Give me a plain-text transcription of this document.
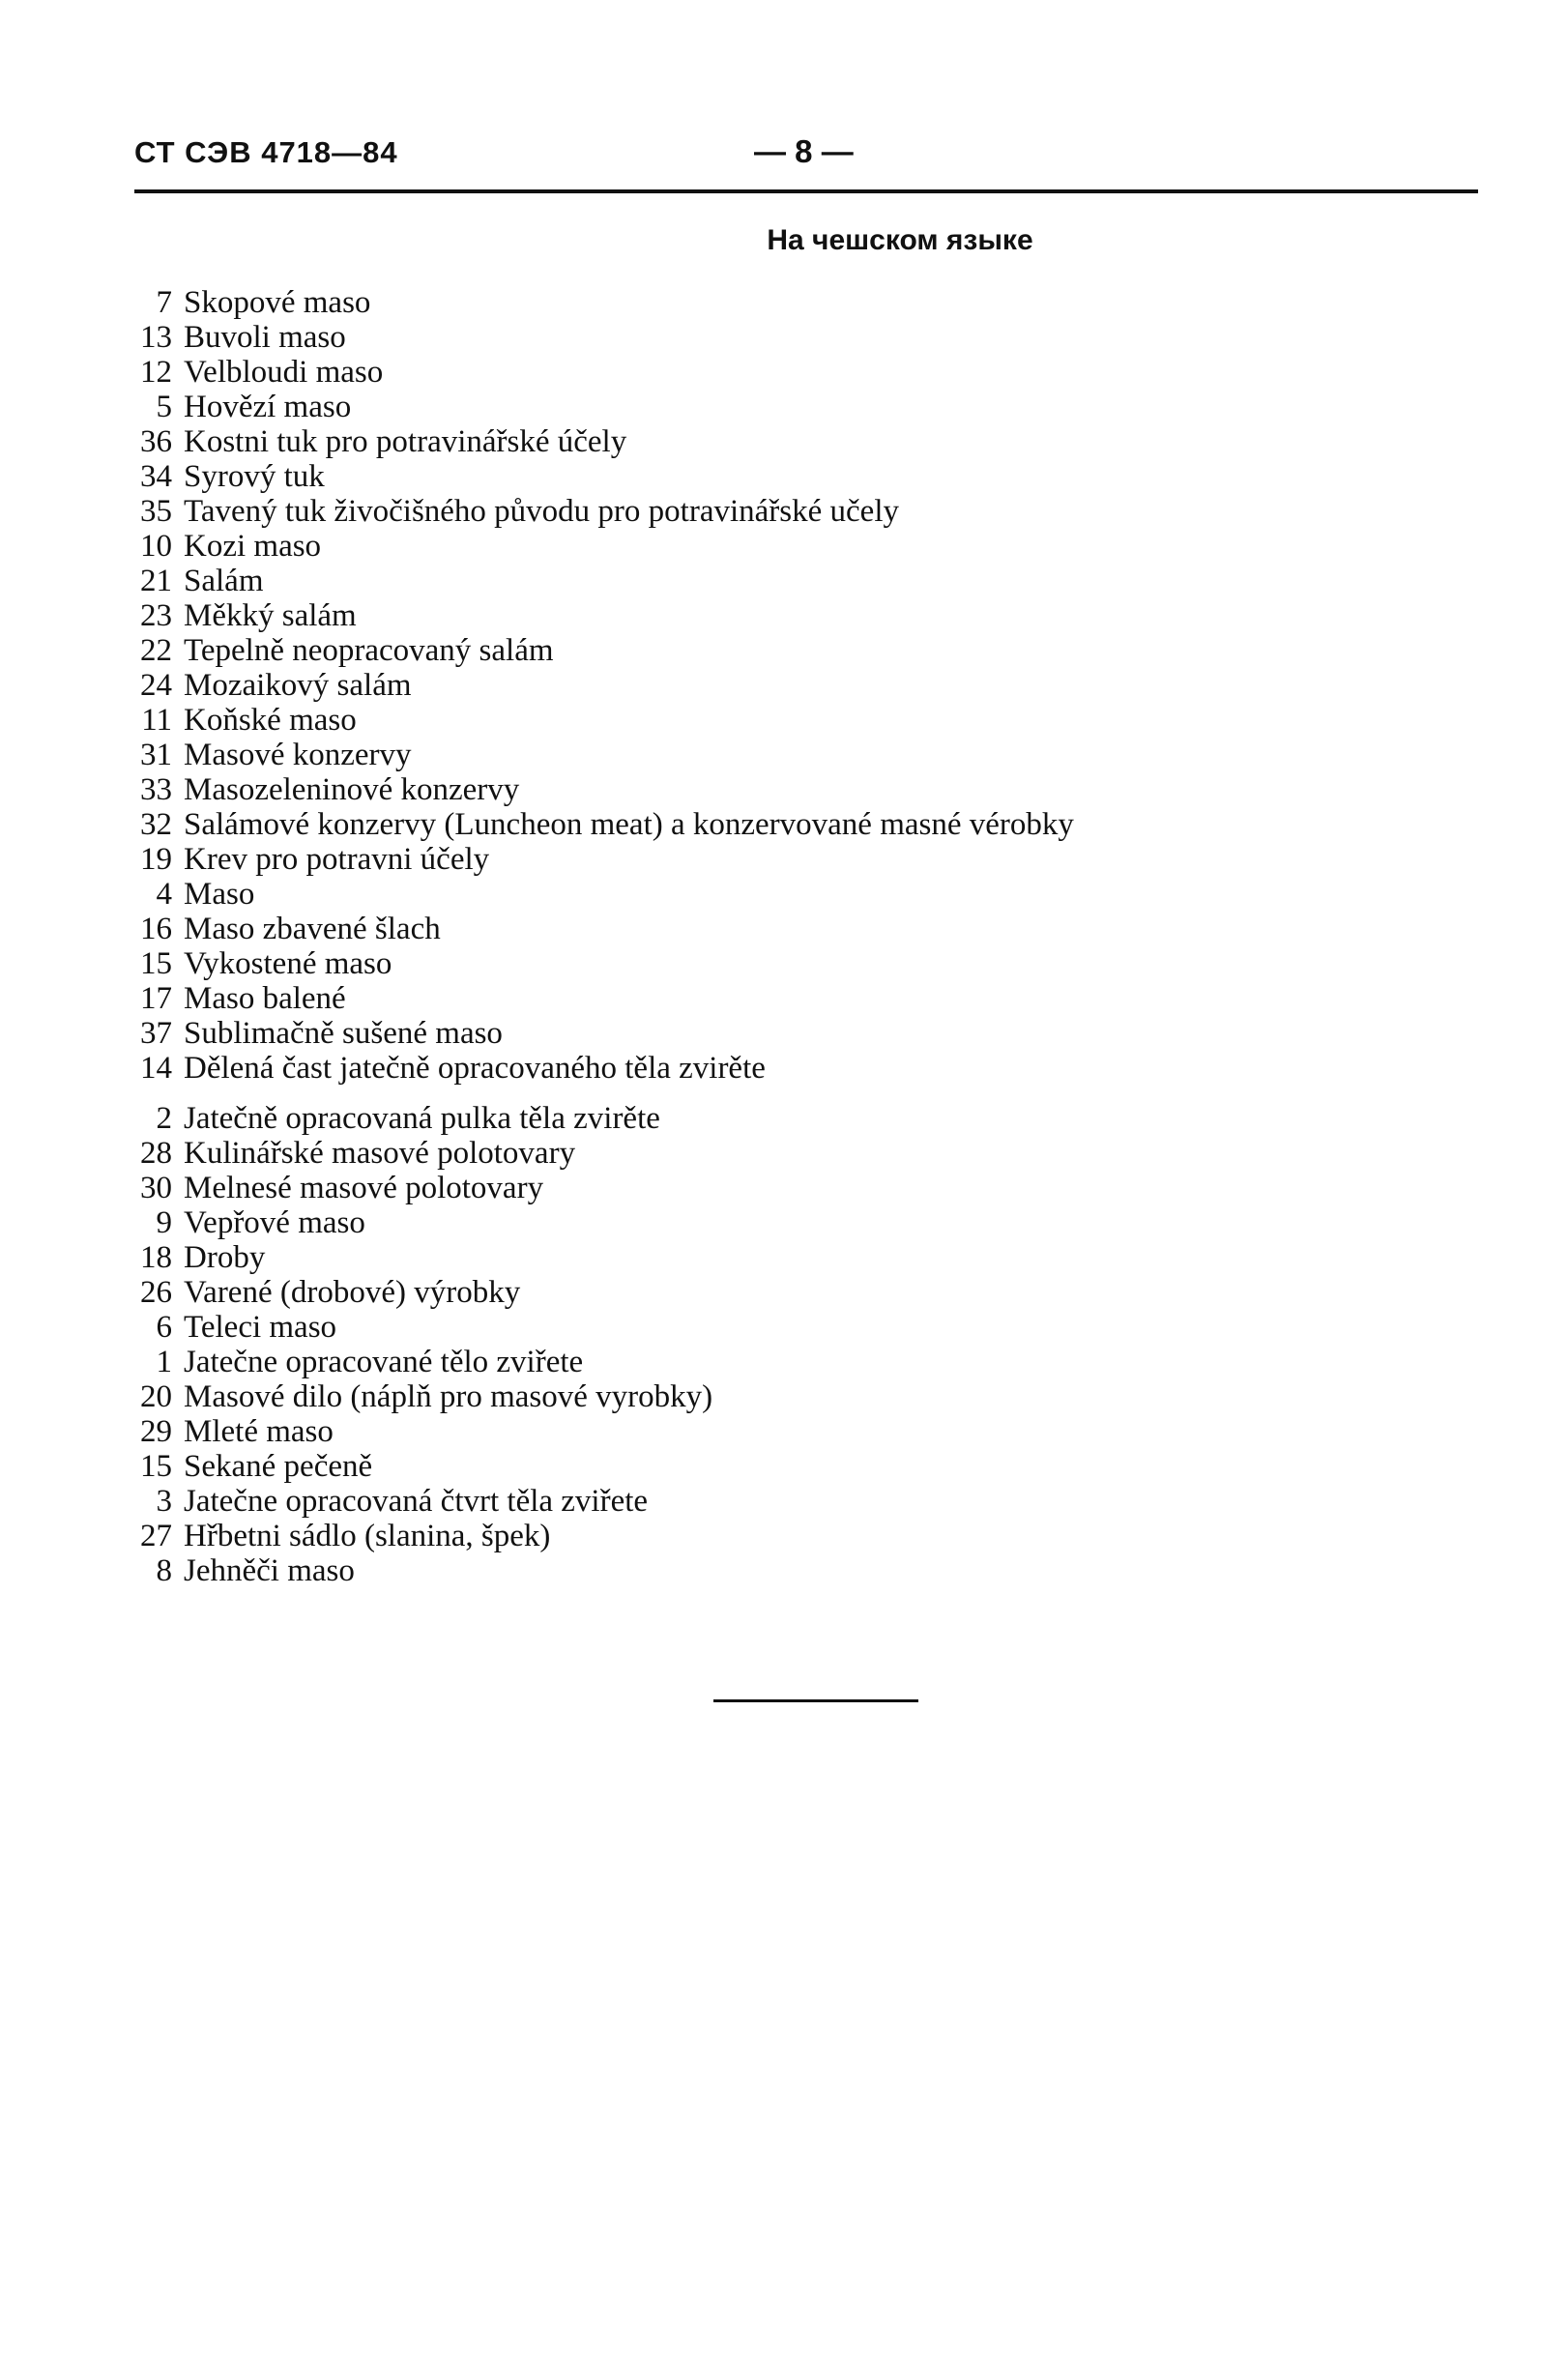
СТ СЭВ 4718—84	— 8 —
На чешском языке
7 Skopové maso
13 Buvoli maso
12 Velbloudi maso
5 Hovězí maso
36 Kostni tuk pro potravinářské účely
34 Syrový tuk
35 Tavený tuk živočišného původu pro potravinářské učely
10 Kozi maso
21 Salám
23 Měkký salám
22 Tepelně neopracovaný salám
24 Mozaikový salám
11 Koňské maso
31 Masové konzervy
33 Masozeleninové konzervy
32 Salámové konzervy (Luncheon meat) a konzervované masné vérobky
19 Krev pro potravni účely
4 Maso
16 Maso zbavené šlach
15 Vykostené maso
17 Maso balené
37 Sublimačně sušené maso
14 Dělená čast jatečně opracovaného těla zvirěte
2 Jatečně opracovaná pulka těla zvirěte
28 Kulinářské masové polotovary
30 Melnesé masové polotovary
9 Vepřové maso
18 Droby
26 Varené (drobové) výrobky
6 Teleci maso
1 Jatečne opracované tělo zviřete
20 Masové dilo (náplň pro masové vyrobky)
29 Mleté maso
15 Sekané pečeně
3 Jatečne opracovaná čtvrt těla zviřete
27 Hřbetni sádlo (slanina, špek)
8 Jehněči maso
